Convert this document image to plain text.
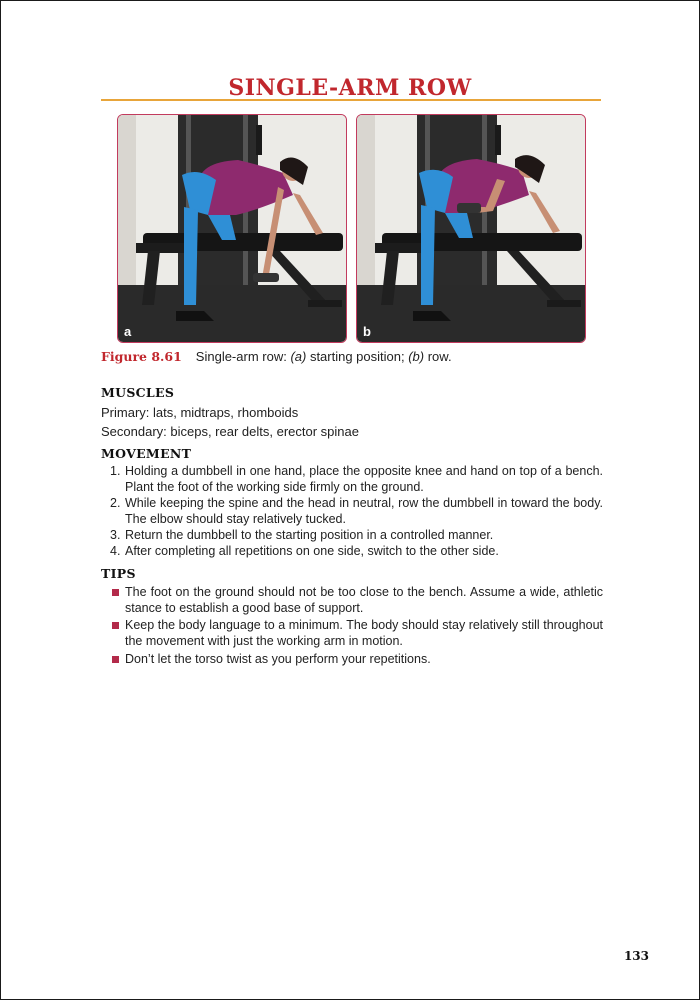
SINGLE-ARM ROW
a	b
Figure 8.61 Single-arm row: (a) starting position; (b) row.
MUSCLES

Primary: lats, midtraps, rhomboids

Secondary: biceps, rear delts, erector spinae

MOVEMENT
1. Holding a dumbbell in one hand, place the opposite knee and hand on top of a bench. Plant the foot of the working side firmly on the ground.
2. While keeping the spine and the head in neutral, row the dumbbell in toward the body. The elbow should stay relatively tucked.
3. Return the dumbbell to the starting position in a controlled manner.
4. After completing all repetitions on one side, switch to the other side.
TIPS
The foot on the ground should not be too close to the bench. Assume a wide, athletic stance to establish a good base of support.
Keep the body language to a minimum. The body should stay relatively still throughout the movement with just the working arm in motion.
Don’t let the torso twist as you perform your repetitions.
133
